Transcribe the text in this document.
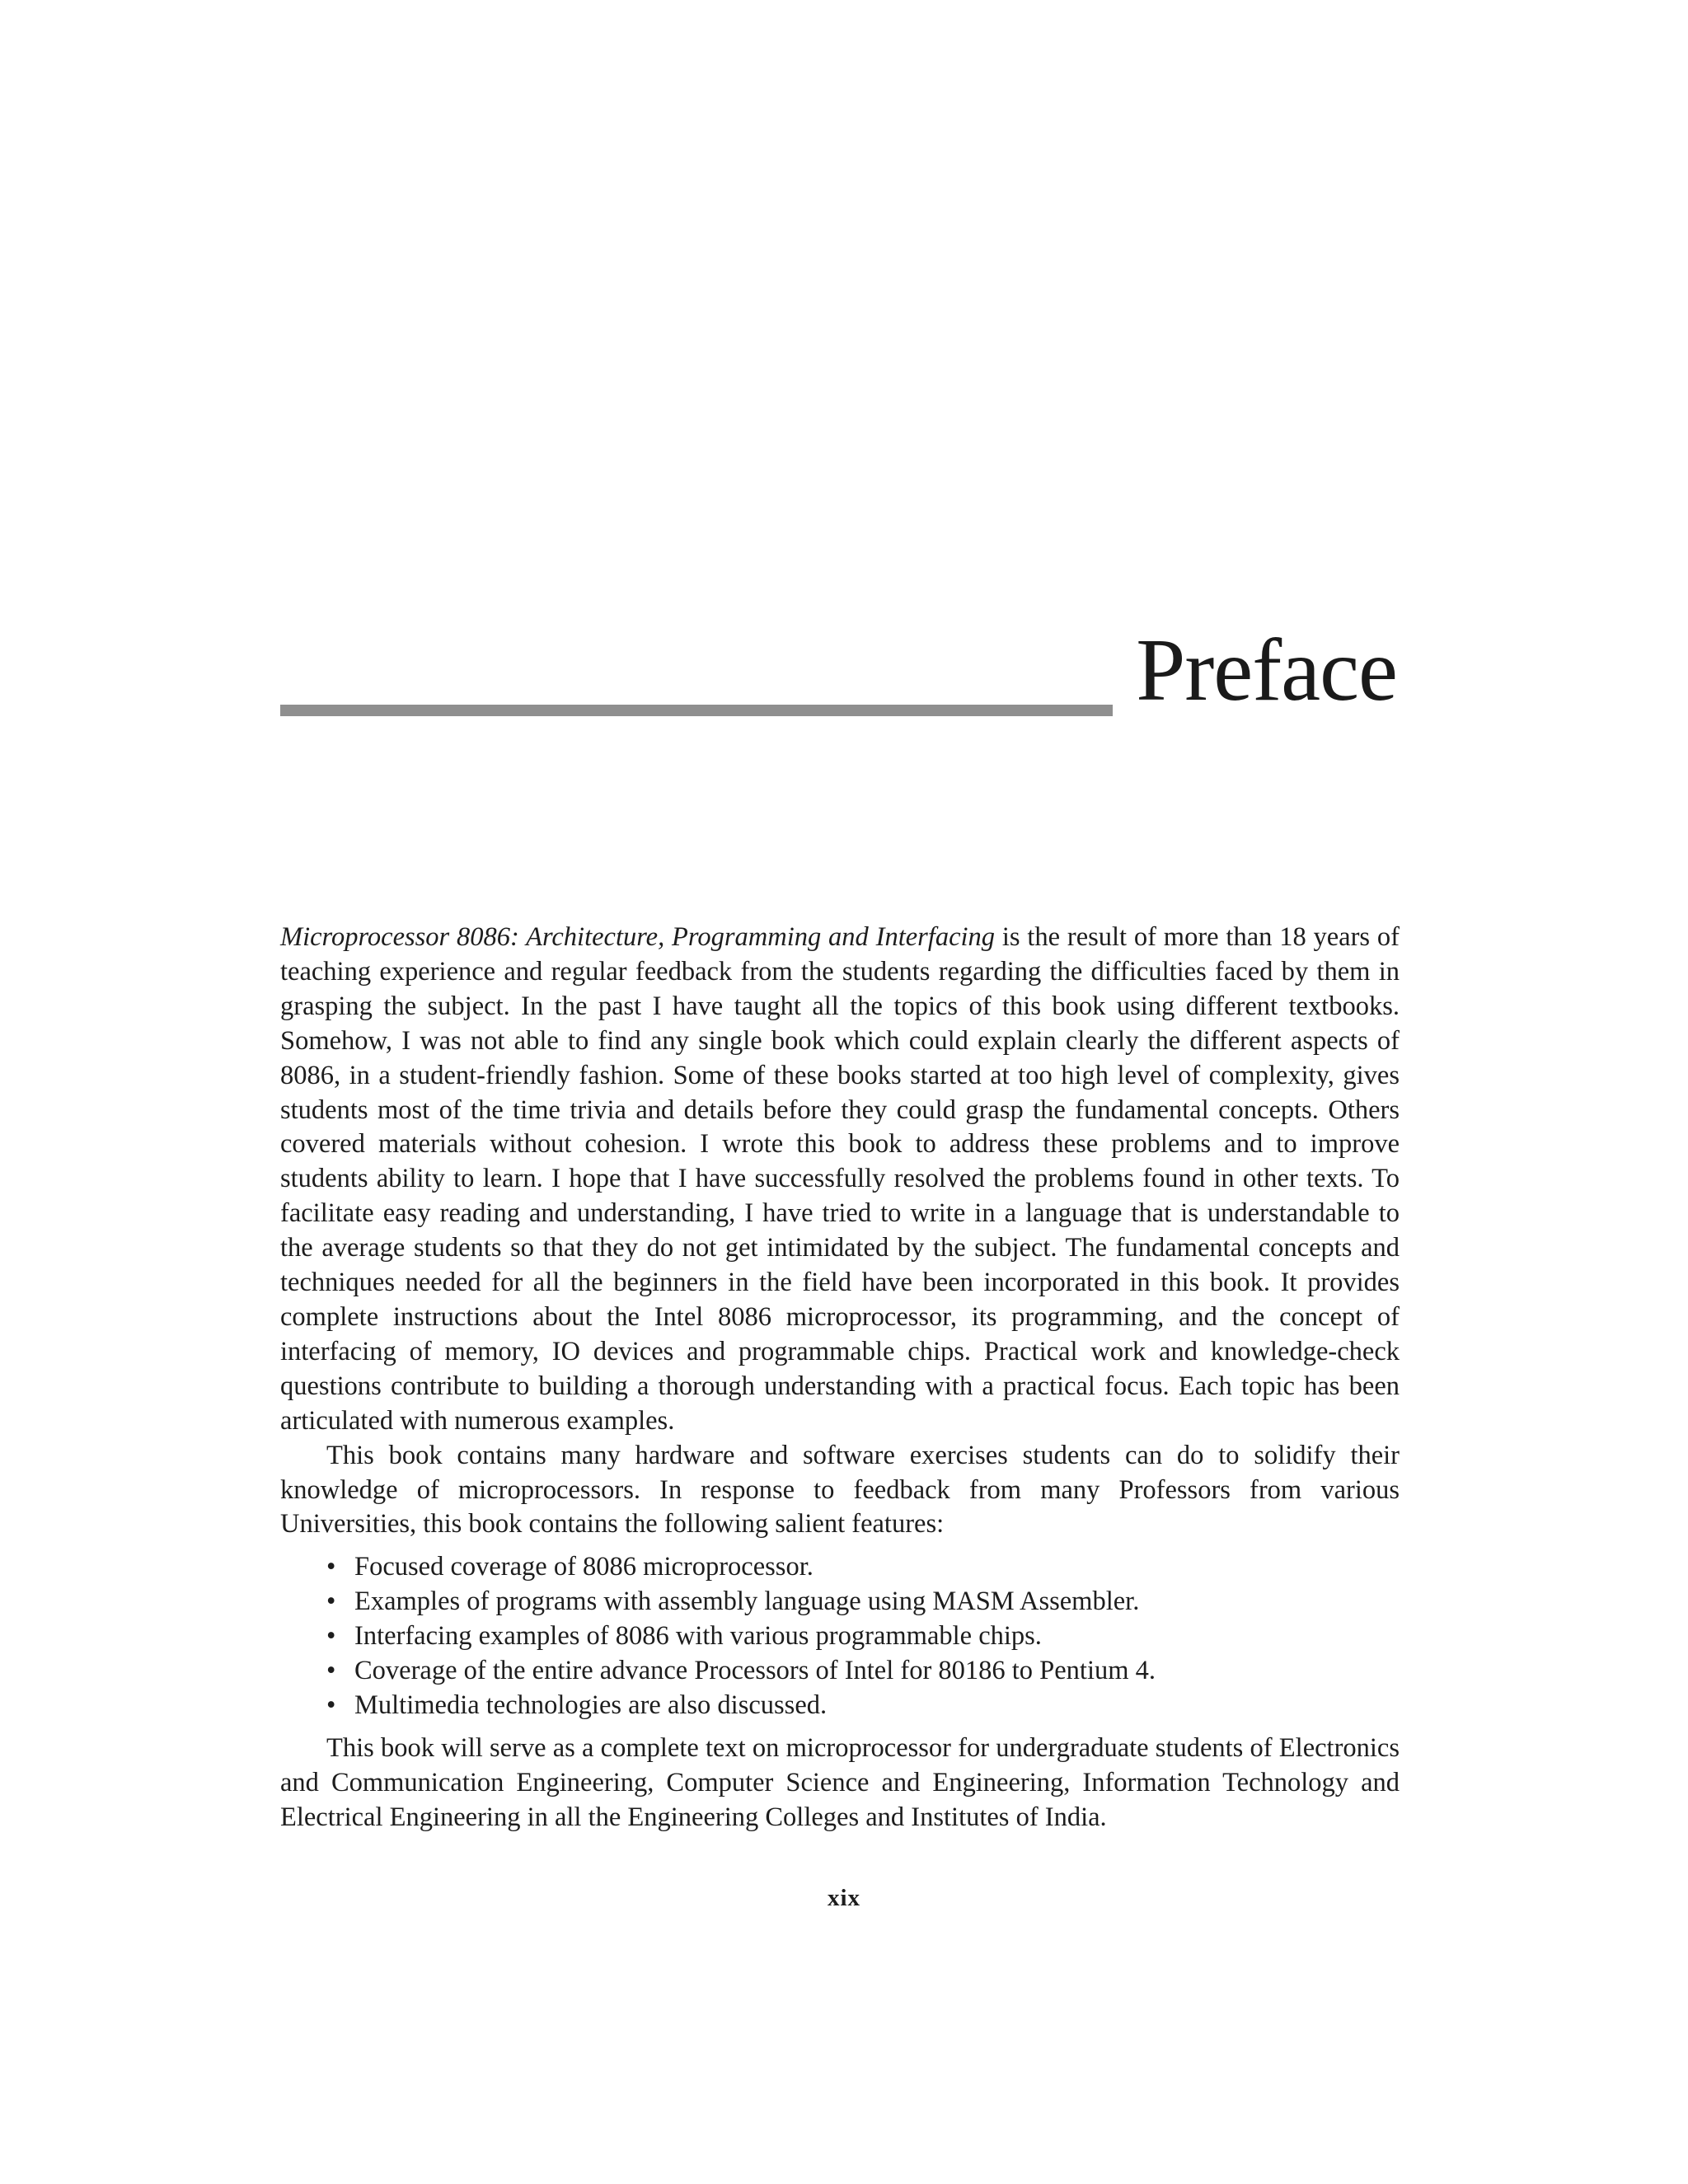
Preface

Microprocessor 8086: Architecture, Programming and Interfacing is the result of more than 18 years of teaching experience and regular feedback from the students regarding the difficulties faced by them in grasping the subject. In the past I have taught all the topics of this book using different textbooks. Somehow, I was not able to find any single book which could explain clearly the different aspects of 8086, in a student-friendly fashion. Some of these books started at too high level of complexity, gives students most of the time trivia and details before they could grasp the fundamental concepts. Others covered materials without cohesion. I wrote this book to address these problems and to improve students ability to learn. I hope that I have successfully resolved the problems found in other texts. To facilitate easy reading and understanding, I have tried to write in a language that is understandable to the average students so that they do not get intimidated by the subject. The fundamental concepts and techniques needed for all the beginners in the field have been incorporated in this book. It provides complete instructions about the Intel 8086 microprocessor, its programming, and the concept of interfacing of memory, IO devices and programmable chips. Practical work and knowledge-check questions contribute to building a thorough understanding with a practical focus. Each topic has been articulated with numerous examples.

This book contains many hardware and software exercises students can do to solidify their knowledge of microprocessors. In response to feedback from many Professors from various Universities, this book contains the following salient features:

• Focused coverage of 8086 microprocessor.
• Examples of programs with assembly language using MASM Assembler.
• Interfacing examples of 8086 with various programmable chips.
• Coverage of the entire advance Processors of Intel for 80186 to Pentium 4.
• Multimedia technologies are also discussed.

This book will serve as a complete text on microprocessor for undergraduate students of Electronics and Communication Engineering, Computer Science and Engineering, Information Technology and Electrical Engineering in all the Engineering Colleges and Institutes of India.

xix
